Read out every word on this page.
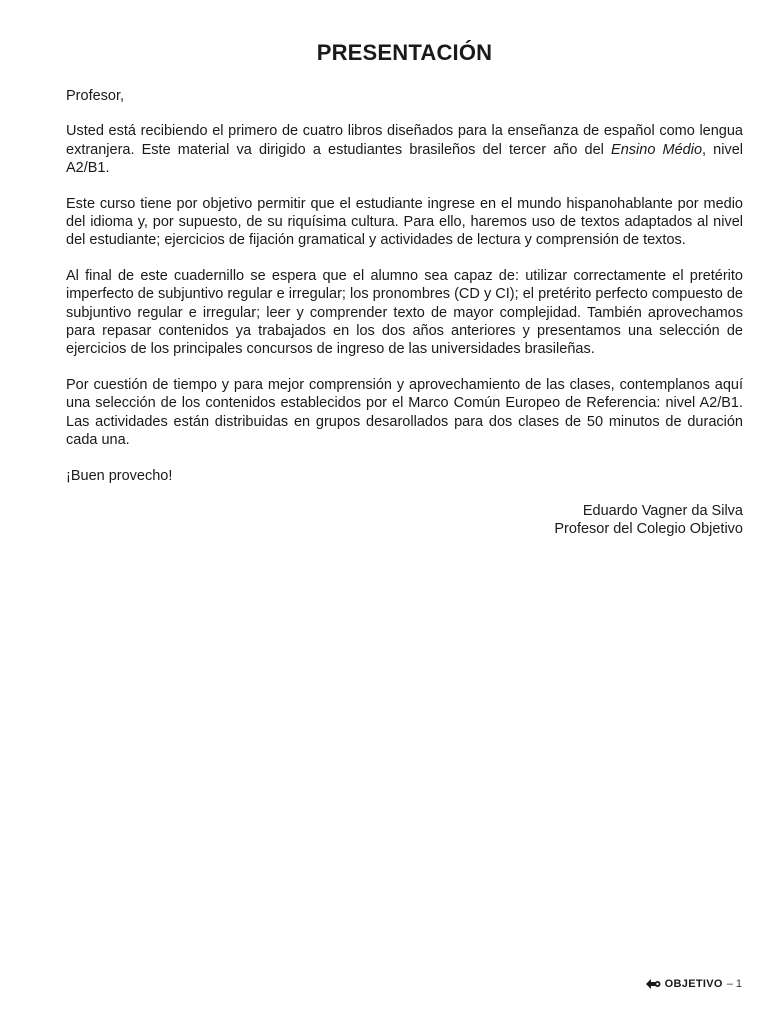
PRESENTACIÓN

Profesor,

Usted está recibiendo el primero de cuatro libros diseñados para la enseñanza de español como lengua extranjera. Este material va dirigido a estudiantes brasileños del tercer año del Ensino Médio, nivel A2/B1.

Este curso tiene por objetivo permitir que el estudiante ingrese en el mundo hispanohablante por medio del idioma y, por supuesto, de su riquísima cultura. Para ello, haremos uso de textos adaptados al nivel del estudiante; ejercicios de fijación gramatical y actividades de lectura y comprensión de textos.

Al final de este cuadernillo se espera que el alumno sea capaz de: utilizar correctamente el pretérito imperfecto de subjuntivo regular e irregular; los pronombres (CD y CI); el pretérito perfecto compuesto de subjuntivo regular e irregular; leer y comprender texto de mayor complejidad. También aprovechamos para repasar contenidos ya trabajados en los dos años anteriores y presentamos una selección de ejercicios de los principales concursos de ingreso de las universidades brasileñas.

Por cuestión de tiempo y para mejor comprensión y aprovechamiento de las clases, contemplanos aquí una selección de los contenidos establecidos por el Marco Común Europeo de Referencia: nivel A2/B1. Las actividades están distribuidas en grupos desarollados para dos clases de 50 minutos de duración cada una.

¡Buen provecho!

Eduardo Vagner da Silva
Profesor del Colegio Objetivo
OBJETIVO – 1
